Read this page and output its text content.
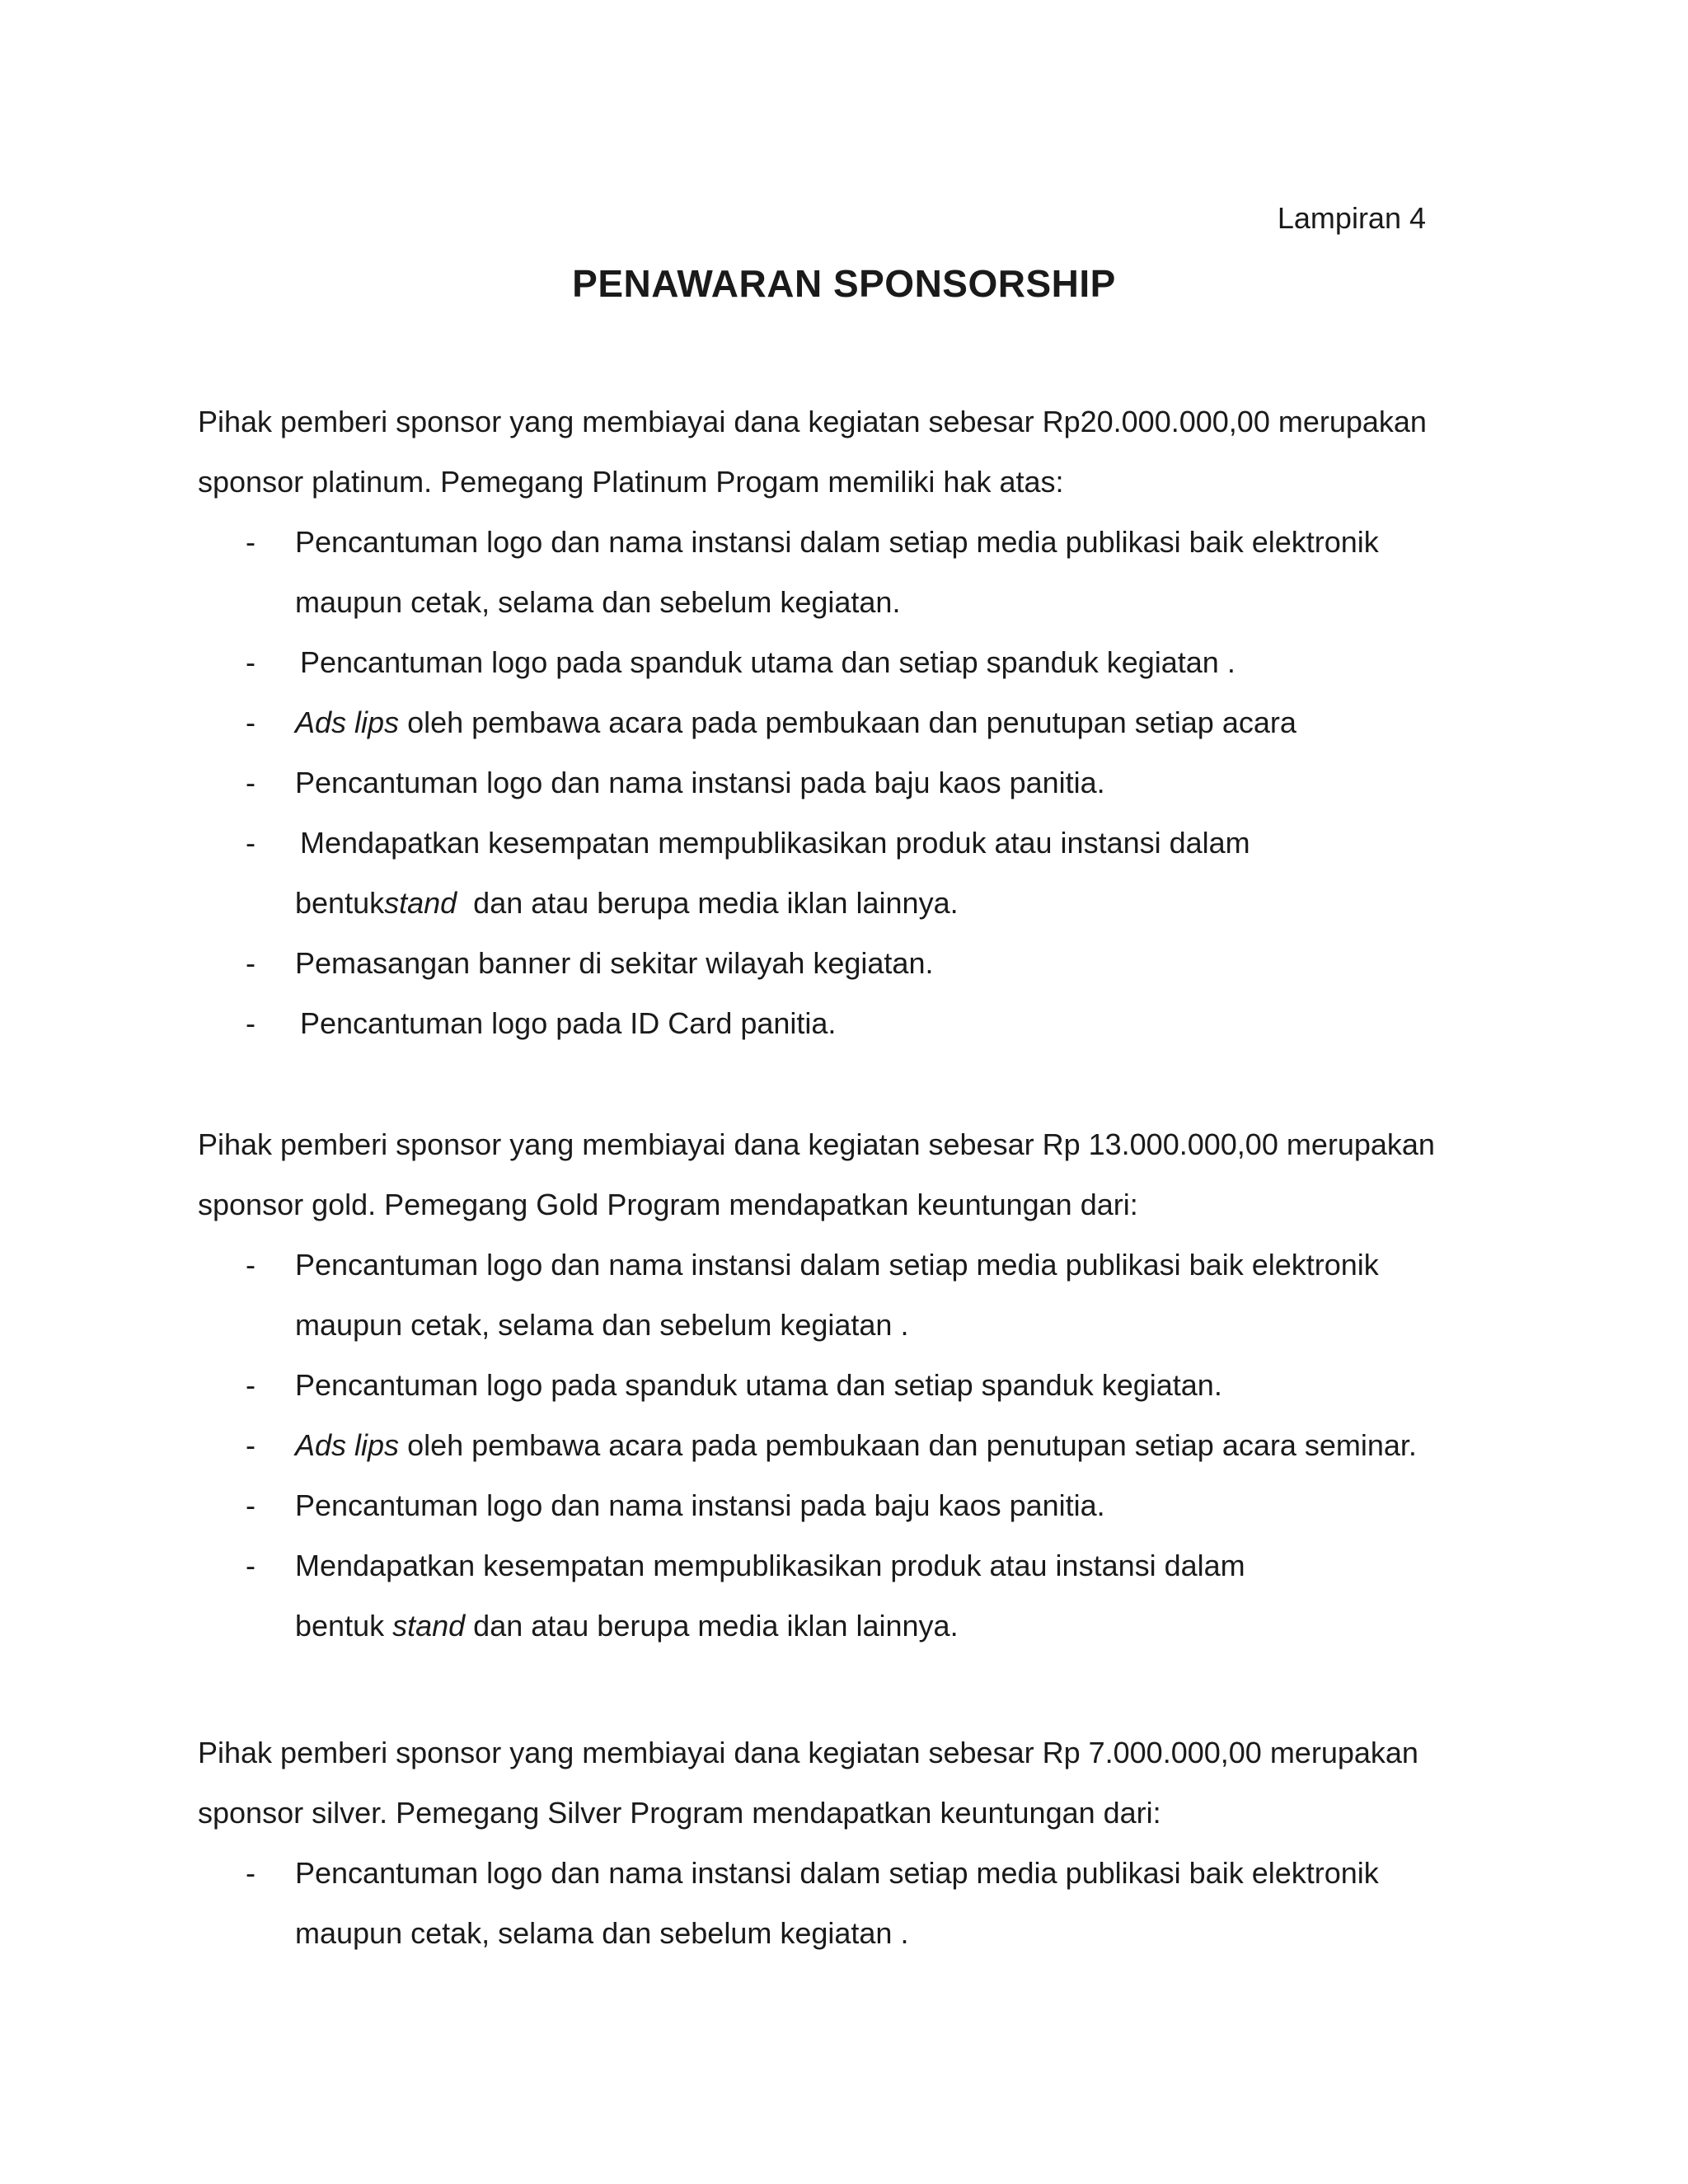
Lampiran 4
PENAWARAN SPONSORSHIP

Pihak pemberi sponsor yang membiayai dana kegiatan sebesar Rp20.000.000,00 merupakan

sponsor platinum. Pemegang Platinum Progam memiliki hak atas:

- Pencantuman logo dan nama instansi dalam setiap media publikasi baik elektronik
maupun cetak, selama dan sebelum kegiatan.
- Pencantuman logo pada spanduk utama dan setiap spanduk kegiatan .
- Ads lips oleh pembawa acara pada pembukaan dan penutupan setiap acara
- Pencantuman logo dan nama instansi pada baju kaos panitia.
- Mendapatkan kesempatan mempublikasikan produk atau instansi dalam
bentukstand  dan atau berupa media iklan lainnya.
- Pemasangan banner di sekitar wilayah kegiatan.
- Pencantuman logo pada ID Card panitia.

Pihak pemberi sponsor yang membiayai dana kegiatan sebesar Rp 13.000.000,00 merupakan

sponsor gold. Pemegang Gold Program mendapatkan keuntungan dari:

- Pencantuman logo dan nama instansi dalam setiap media publikasi baik elektronik
maupun cetak, selama dan sebelum kegiatan .
- Pencantuman logo pada spanduk utama dan setiap spanduk kegiatan.
- Ads lips oleh pembawa acara pada pembukaan dan penutupan setiap acara seminar.
- Pencantuman logo dan nama instansi pada baju kaos panitia.
- Mendapatkan kesempatan mempublikasikan produk atau instansi dalam
bentuk stand dan atau berupa media iklan lainnya.

Pihak pemberi sponsor yang membiayai dana kegiatan sebesar Rp 7.000.000,00 merupakan

sponsor silver. Pemegang Silver Program mendapatkan keuntungan dari:

- Pencantuman logo dan nama instansi dalam setiap media publikasi baik elektronik
maupun cetak, selama dan sebelum kegiatan .
